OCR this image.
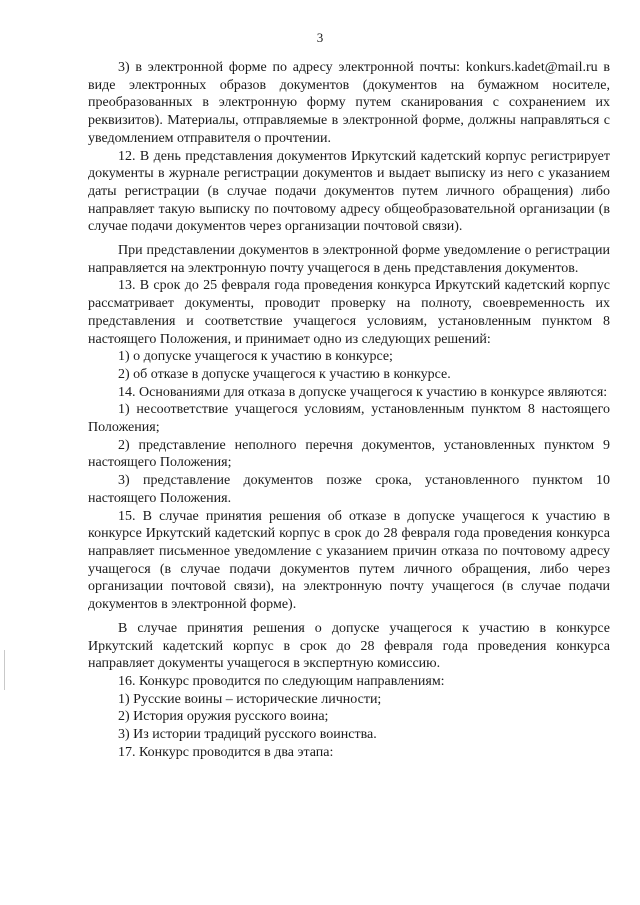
3

3) в электронной форме по адресу электронной почты: konkurs.kadet@mail.ru в виде электронных образов документов (документов на бумажном носителе, преобразованных в электронную форму путем сканирования с сохранением их реквизитов). Материалы, отправляемые в электронной форме, должны направляться с уведомлением отправителя о прочтении.

12. В день представления документов Иркутский кадетский корпус регистрирует документы в журнале регистрации документов и выдает выписку из него с указанием даты регистрации (в случае подачи документов путем личного обращения) либо направляет такую выписку по почтовому адресу общеобразовательной организации (в случае подачи документов через организации почтовой связи).

При представлении документов в электронной форме уведомление о регистрации направляется на электронную почту учащегося в день представления документов.

13. В срок до 25 февраля года проведения конкурса Иркутский кадетский корпус рассматривает документы, проводит проверку на полноту, своевременность их представления и соответствие учащегося условиям, установленным пунктом 8 настоящего Положения, и принимает одно из следующих решений:

1) о допуске учащегося к участию в конкурсе;

2) об отказе в допуске учащегося к участию в конкурсе.

14. Основаниями для отказа в допуске учащегося к участию в конкурсе являются:

1) несоответствие учащегося условиям, установленным пунктом 8 настоящего Положения;

2) представление неполного перечня документов, установленных пунктом 9 настоящего Положения;

3) представление документов позже срока, установленного пунктом 10 настоящего Положения.

15. В случае принятия решения об отказе в допуске учащегося к участию в конкурсе Иркутский кадетский корпус в срок до 28 февраля года проведения конкурса направляет письменное уведомление с указанием причин отказа по почтовому адресу учащегося (в случае подачи документов путем личного обращения, либо через организации почтовой связи), на электронную почту учащегося (в случае подачи документов в электронной форме).

В случае принятия решения о допуске учащегося к участию в конкурсе Иркутский кадетский корпус в срок до 28 февраля года проведения конкурса направляет документы учащегося в экспертную комиссию.

16. Конкурс проводится по следующим направлениям:

1) Русские воины – исторические личности;

2) История оружия русского воина;

3) Из истории традиций русского воинства.

17. Конкурс проводится в два этапа:
